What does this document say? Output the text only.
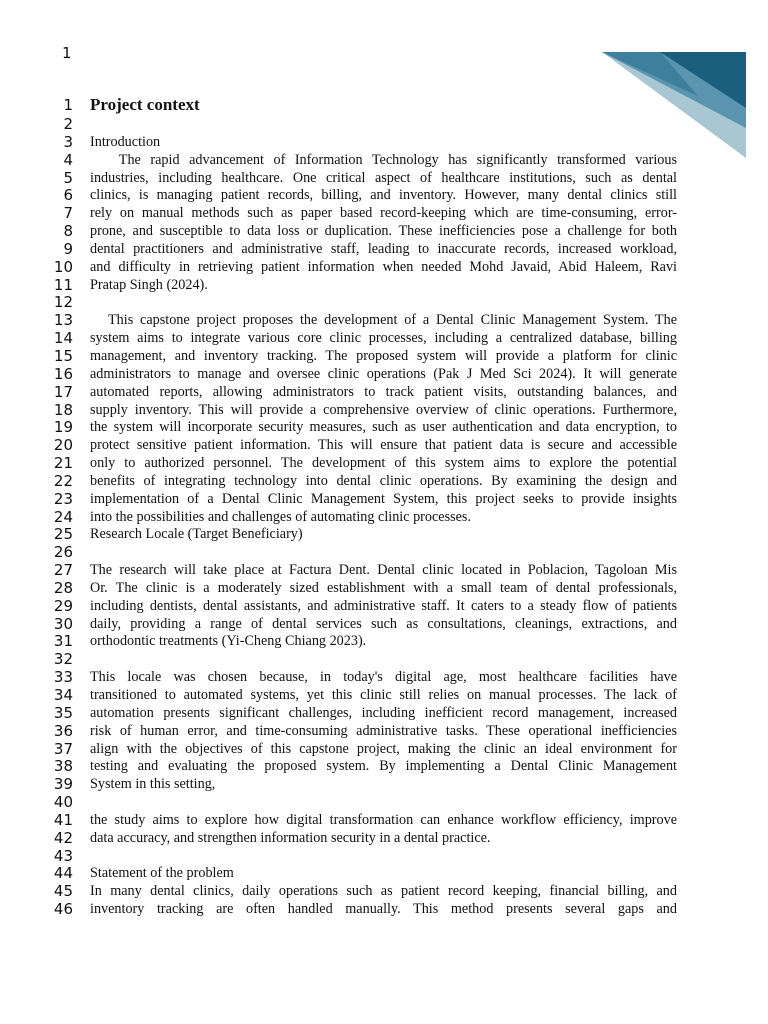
1
1 Project context
2
3 Introduction
4	The rapid advancement of Information Technology has significantly transformed various
5 industries, including healthcare. One critical aspect of healthcare institutions, such as dental
6 clinics, is managing patient records, billing, and inventory. However, many dental clinics still
7 rely on manual methods such as paper based record-keeping which are time-consuming, error-
8 prone, and susceptible to data loss or duplication. These inefficiencies pose a challenge for both
9 dental practitioners and administrative staff, leading to inaccurate records, increased workload,
10 and difficulty in retrieving patient information when needed Mohd Javaid, Abid Haleem, Ravi
11 Pratap Singh (2024).
12
13	This capstone project proposes the development of a Dental Clinic Management System. The
14 system aims to integrate various core clinic processes, including a centralized database, billing
15 management, and inventory tracking. The proposed system will provide a platform for clinic
16 administrators to manage and oversee clinic operations (Pak J Med Sci 2024). It will generate
17 automated reports, allowing administrators to track patient visits, outstanding balances, and
18 supply inventory. This will provide a comprehensive overview of clinic operations. Furthermore,
19 the system will incorporate security measures, such as user authentication and data encryption, to
20 protect sensitive patient information. This will ensure that patient data is secure and accessible
21 only to authorized personnel. The development of this system aims to explore the potential
22 benefits of integrating technology into dental clinic operations. By examining the design and
23 implementation of a Dental Clinic Management System, this project seeks to provide insights
24 into the possibilities and challenges of automating clinic processes.
25 Research Locale (Target Beneficiary)
26
27 The research will take place at Factura Dent. Dental clinic located in Poblacion, Tagoloan Mis
28 Or. The clinic is a moderately sized establishment with a small team of dental professionals,
29 including dentists, dental assistants, and administrative staff. It caters to a steady flow of patients
30 daily, providing a range of dental services such as consultations, cleanings, extractions, and
31 orthodontic treatments (Yi-Cheng Chiang 2023).
32
33 This locale was chosen because, in today's digital age, most healthcare facilities have
34 transitioned to automated systems, yet this clinic still relies on manual processes. The lack of
35 automation presents significant challenges, including inefficient record management, increased
36 risk of human error, and time-consuming administrative tasks. These operational inefficiencies
37 align with the objectives of this capstone project, making the clinic an ideal environment for
38 testing and evaluating the proposed system. By implementing a Dental Clinic Management
39 System in this setting,
40
41 the study aims to explore how digital transformation can enhance workflow efficiency, improve
42 data accuracy, and strengthen information security in a dental practice.
43
44 Statement of the problem
45 In many dental clinics, daily operations such as patient record keeping, financial billing, and
46 inventory tracking are often handled manually. This method presents several gaps and
